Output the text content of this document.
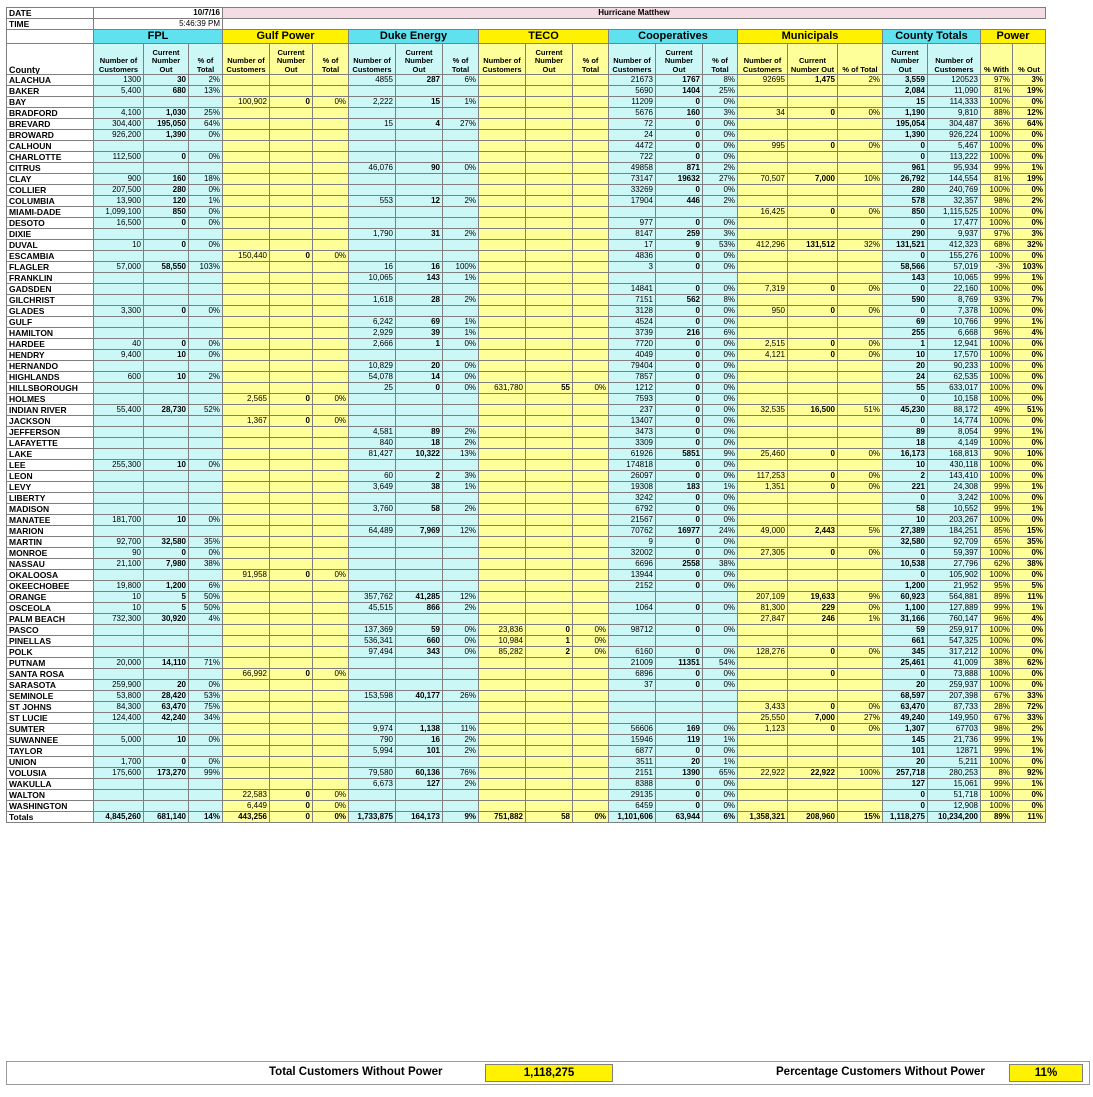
DATE	10/7/16			Hurricane Matthew																		
TIME	5:46:39 PM																					
	FPL			Gulf Power			Duke Energy			TECO			Cooperatives			Municipals			County Totals		Power	
County	Number of Customers	Current Number Out	% of Total	Number of Customers	Current Number Out	% of Total	Number of Customers	Current Number Out	% of Total	Number of Customers	Current Number Out	% of Total	Number of Customers	Current Number Out	% of Total	Number of Customers	Current Number Out	% of Total	Current Number Out	Number of Customers	% With	% Out
ALACHUA	1300	30	2%				4855	287	6%				21673	1767	8%	92695	1,475	2%	3,559	120523	97%	3%
BAKER	5,400	680	13%										5690	1404	25%				2,084	11,090	81%	19%
BAY				100,902	0	0%	2,222	15	1%				11209	0	0%				15	114,333	100%	0%
BRADFORD	4,100	1,030	25%										5676	160	3%	34	0	0%	1,190	9,810	88%	12%
BREVARD	304,400	195,050	64%				15	4	27%				72	0	0%				195,054	304,487	36%	64%
BROWARD	926,200	1,390	0%										24	0	0%				1,390	926,224	100%	0%
CALHOUN													4472	0	0%	995	0	0%	0	5,467	100%	0%
CHARLOTTE	112,500	0	0%										722	0	0%				0	113,222	100%	0%
CITRUS							46,076	90	0%				49858	871	2%				961	95,934	99%	1%
CLAY	900	160	18%										73147	19632	27%	70,507	7,000	10%	26,792	144,554	81%	19%
COLLIER	207,500	280	0%										33269	0	0%				280	240,769	100%	0%
COLUMBIA	13,900	120	1%				553	12	2%				17904	446	2%				578	32,357	98%	2%
MIAMI-DADE	1,099,100	850	0%													16,425	0	0%	850	1,115,525	100%	0%
DESOTO	16,500	0	0%										977	0	0%				0	17,477	100%	0%
DIXIE							1,790	31	2%				8147	259	3%				290	9,937	97%	3%
DUVAL	10	0	0%										17	9	53%	412,296	131,512	32%	131,521	412,323	68%	32%
ESCAMBIA				150,440	0	0%							4836	0	0%				0	155,276	100%	0%
FLAGLER	57,000	58,550	103%				16	16	100%				3	0	0%				58,566	57,019	-3%	103%
FRANKLIN							10,065	143	1%										143	10,065	99%	1%
GADSDEN													14841	0	0%	7,319	0	0%	0	22,160	100%	0%
GILCHRIST							1,618	28	2%				7151	562	8%				590	8,769	93%	7%
GLADES	3,300	0	0%										3128	0	0%	950	0	0%	0	7,378	100%	0%
GULF							6,242	69	1%				4524	0	0%				69	10,766	99%	1%
HAMILTON							2,929	39	1%				3739	216	6%				255	6,668	96%	4%
HARDEE	40	0	0%				2,666	1	0%				7720	0	0%	2,515	0	0%	1	12,941	100%	0%
HENDRY	9,400	10	0%										4049	0	0%	4,121	0	0%	10	17,570	100%	0%
HERNANDO							10,829	20	0%				79404	0	0%				20	90,233	100%	0%
HIGHLANDS	600	10	2%				54,078	14	0%				7857	0	0%				24	62,535	100%	0%
HILLSBOROUGH							25	0	0%	631,780	55	0%	1212	0	0%				55	633,017	100%	0%
HOLMES				2,565	0	0%							7593	0	0%				0	10,158	100%	0%
INDIAN RIVER	55,400	28,730	52%										237	0	0%	32,535	16,500	51%	45,230	88,172	49%	51%
JACKSON				1,367	0	0%							13407	0	0%				0	14,774	100%	0%
JEFFERSON							4,581	89	2%				3473	0	0%				89	8,054	99%	1%
LAFAYETTE							840	18	2%				3309	0	0%				18	4,149	100%	0%
LAKE							81,427	10,322	13%				61926	5851	9%	25,460	0	0%	16,173	168,813	90%	10%
LEE	255,300	10	0%										174818	0	0%				10	430,118	100%	0%
LEON							60	2	3%				26097	0	0%	117,253	0	0%	2	143,410	100%	0%
LEVY							3,649	38	1%				19308	183	1%	1,351	0	0%	221	24,308	99%	1%
LIBERTY													3242	0	0%				0	3,242	100%	0%
MADISON							3,760	58	2%				6792	0	0%				58	10,552	99%	1%
MANATEE	181,700	10	0%										21567	0	0%				10	203,267	100%	0%
MARION							64,489	7,969	12%				70762	16977	24%	49,000	2,443	5%	27,389	184,251	85%	15%
MARTIN	92,700	32,580	35%										9	0	0%				32,580	92,709	65%	35%
MONROE	90	0	0%										32002	0	0%	27,305	0	0%	0	59,397	100%	0%
NASSAU	21,100	7,980	38%										6696	2558	38%				10,538	27,796	62%	38%
OKALOOSA				91,958	0	0%							13944	0	0%				0	105,902	100%	0%
OKEECHOBEE	19,800	1,200	6%										2152	0	0%				1,200	21,952	95%	5%
ORANGE	10	5	50%				357,762	41,285	12%							207,109	19,633	9%	60,923	564,881	89%	11%
OSCEOLA	10	5	50%				45,515	866	2%				1064	0	0%	81,300	229	0%	1,100	127,889	99%	1%
PALM BEACH	732,300	30,920	4%													27,847	246	1%	31,166	760,147	96%	4%
PASCO							137,369	59	0%	23,836	0	0%	98712	0	0%				59	259,917	100%	0%
PINELLAS							536,341	660	0%	10,984	1	0%							661	547,325	100%	0%
POLK							97,494	343	0%	85,282	2	0%	6160	0	0%	128,276	0	0%	345	317,212	100%	0%
PUTNAM	20,000	14,110	71%										21009	11351	54%				25,461	41,009	38%	62%
SANTA ROSA				66,992	0	0%							6896	0	0%		0		0	73,888	100%	0%
SARASOTA	259,900	20	0%										37	0	0%				20	259,937	100%	0%
SEMINOLE	53,800	28,420	53%				153,598	40,177	26%										68,597	207,398	67%	33%
ST JOHNS	84,300	63,470	75%													3,433	0	0%	63,470	87,733	28%	72%
ST LUCIE	124,400	42,240	34%													25,550	7,000	27%	49,240	149,950	67%	33%
SUMTER							9,974	1,138	11%				56606	169	0%	1,123	0	0%	1,307	67703	98%	2%
SUWANNEE	5,000	10	0%				790	16	2%				15946	119	1%				145	21,736	99%	1%
TAYLOR							5,994	101	2%				6877	0	0%				101	12871	99%	1%
UNION	1,700	0	0%										3511	20	1%				20	5,211	100%	0%
VOLUSIA	175,600	173,270	99%				79,580	60,136	76%				2151	1390	65%	22,922	22,922	100%	257,718	280,253	8%	92%
WAKULLA							6,673	127	2%				8388	0	0%				127	15,061	99%	1%
WALTON				22,583	0	0%							29135	0	0%				0	51,718	100%	0%
WASHINGTON				6,449	0	0%							6459	0	0%				0	12,908	100%	0%
Totals	4,845,260	681,140	14%	443,256	0	0%	1,733,875	164,173	9%	751,882	58	0%	1,101,606	63,944	6%	1,358,321	208,960	15%	1,118,275	10,234,200	89%	11%
Total Customers Without Power	1,118,275	Percentage Customers Without Power	11%
